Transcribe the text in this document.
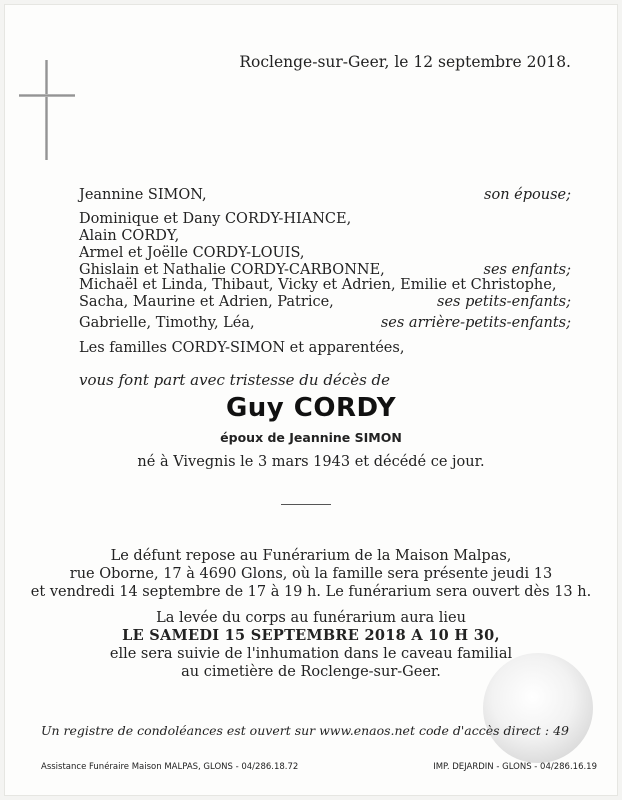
Roclenge-sur-Geer, le 12 septembre 2018.
Jeannine SIMON,	son épouse;
Dominique et Dany CORDY-HIANCE,
Alain CORDY,
Armel et Joëlle CORDY-LOUIS,
Ghislain et Nathalie CORDY-CARBONNE,	ses enfants;
Michaël et Linda, Thibaut, Vicky et Adrien, Emilie et Christophe,
Sacha, Maurine et Adrien, Patrice,	ses petits-enfants;
Gabrielle, Timothy, Léa,	ses arrière-petits-enfants;
Les familles CORDY-SIMON et apparentées,
vous font part avec tristesse du décès de
Guy CORDY
époux de Jeannine SIMON
né à Vivegnis le 3 mars 1943 et décédé ce jour.
Le défunt repose au Funérarium de la Maison Malpas,
rue Oborne, 17 à 4690 Glons, où la famille sera présente jeudi 13
et vendredi 14 septembre de 17 à 19 h. Le funérarium sera ouvert dès 13 h.
La levée du corps au funérarium aura lieu
LE SAMEDI 15 SEPTEMBRE 2018 A 10 H 30,
elle sera suivie de l'inhumation dans le caveau familial
au cimetière de Roclenge-sur-Geer.
Un registre de condoléances est ouvert sur www.enaos.net code d'accès direct : 49
Assistance Funéraire Maison MALPAS, GLONS - 04/286.18.72	IMP. DEJARDIN - GLONS - 04/286.16.19
